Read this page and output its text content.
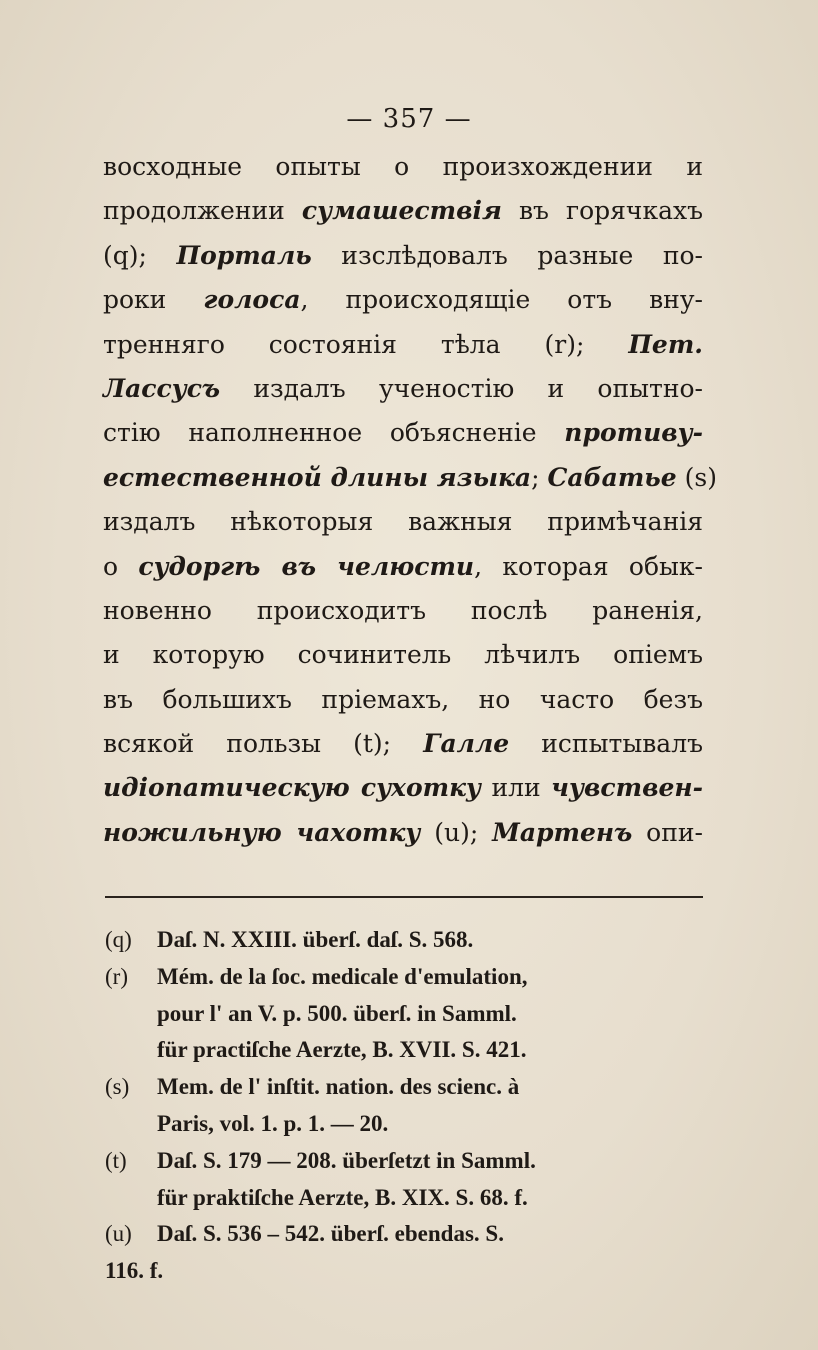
— 357 —
восходные опыты о произхождении и
продолжении сумашествія въ горячкахъ
(q); Порталь изслѣдовалъ разные по-
роки голоса, происходящіе отъ вну-
тренняго состоянія тѣла (r); Пет.
Лассусъ издалъ ученостію и опытно-
стію наполненное объясненіе противу-
естественной длины языка; Сабатье (s)
издалъ нѣкоторыя важныя примѣчанія
о судоргѣ въ челюсти, которая обык-
новенно происходитъ послѣ раненія,
и которую сочинитель лѣчилъ опіемъ
въ большихъ пріемахъ, но часто безъ
всякой пользы (t); Галле испытывалъ
идіопатическую сухотку или чувствен-
ножильную чахотку (u); Мартенъ опи-
(q)	Daſ. N. XXIII. überſ. daſ. S. 568.
(r)	Mém. de la ſoc. medicale d'emulation,
pour l' an V. p. 500. überſ. in Samml.
für practiſche Aerzte, B. XVII. S. 421.
(s)	Mem. de l' inſtit. nation. des scienc. à
Paris, vol. 1. p. 1. — 20.
(t)	Daſ. S. 179 — 208. überſetzt in Samml.
für praktiſche Aerzte, B. XIX. S. 68. f.
(u)	Daſ. S. 536 – 542. überſ. ebendas. S.
116. f.
